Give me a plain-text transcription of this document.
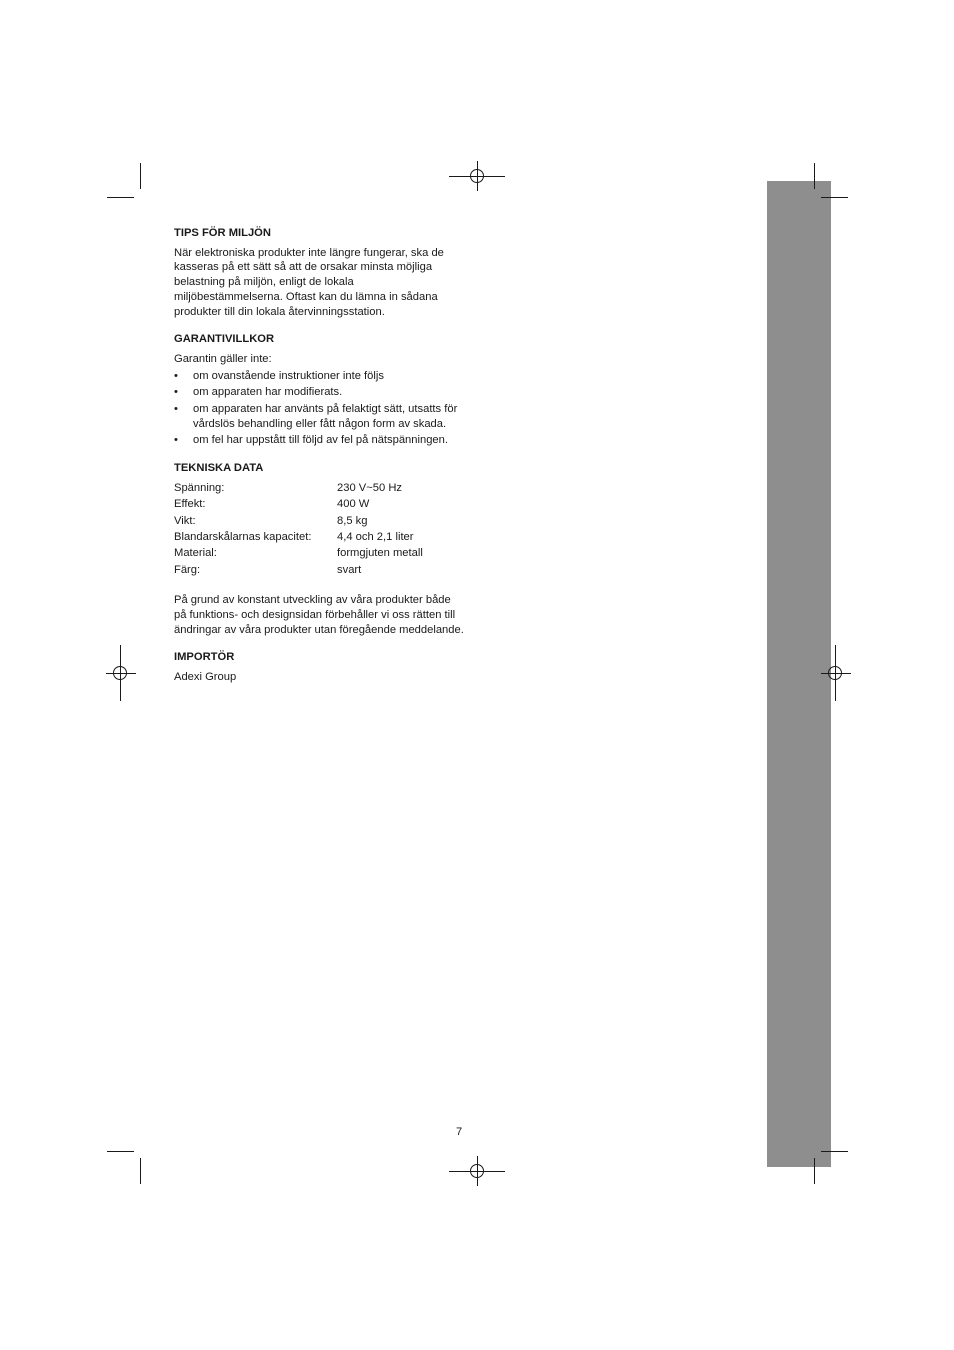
TIPS FÖR MILJÖN

När elektroniska produkter inte längre fungerar, ska de kasseras på ett sätt så att de orsakar minsta möjliga belastning på miljön, enligt de lokala miljöbestämmelserna. Oftast kan du lämna in sådana produkter till din lokala återvinningsstation.

GARANTIVILLKOR

Garantin gäller inte:

• om ovanstående instruktioner inte följs
• om apparaten har modifierats.
• om apparaten har använts på felaktigt sätt, utsatts för vårdslös behandling eller fått någon form av skada.
• om fel har uppstått till följd av fel på nätspänningen.

TEKNISKA DATA

Spänning:	230 V~50 Hz
Effekt:	400 W
Vikt:	8,5 kg
Blandarskålarnas kapacitet:	4,4 och 2,1 liter
Material:	formgjuten metall
Färg:	svart

På grund av konstant utveckling av våra produkter både på funktions- och designsidan förbehåller vi oss rätten till ändringar av våra produkter utan föregående meddelande.

IMPORTÖR

Adexi Group

7
